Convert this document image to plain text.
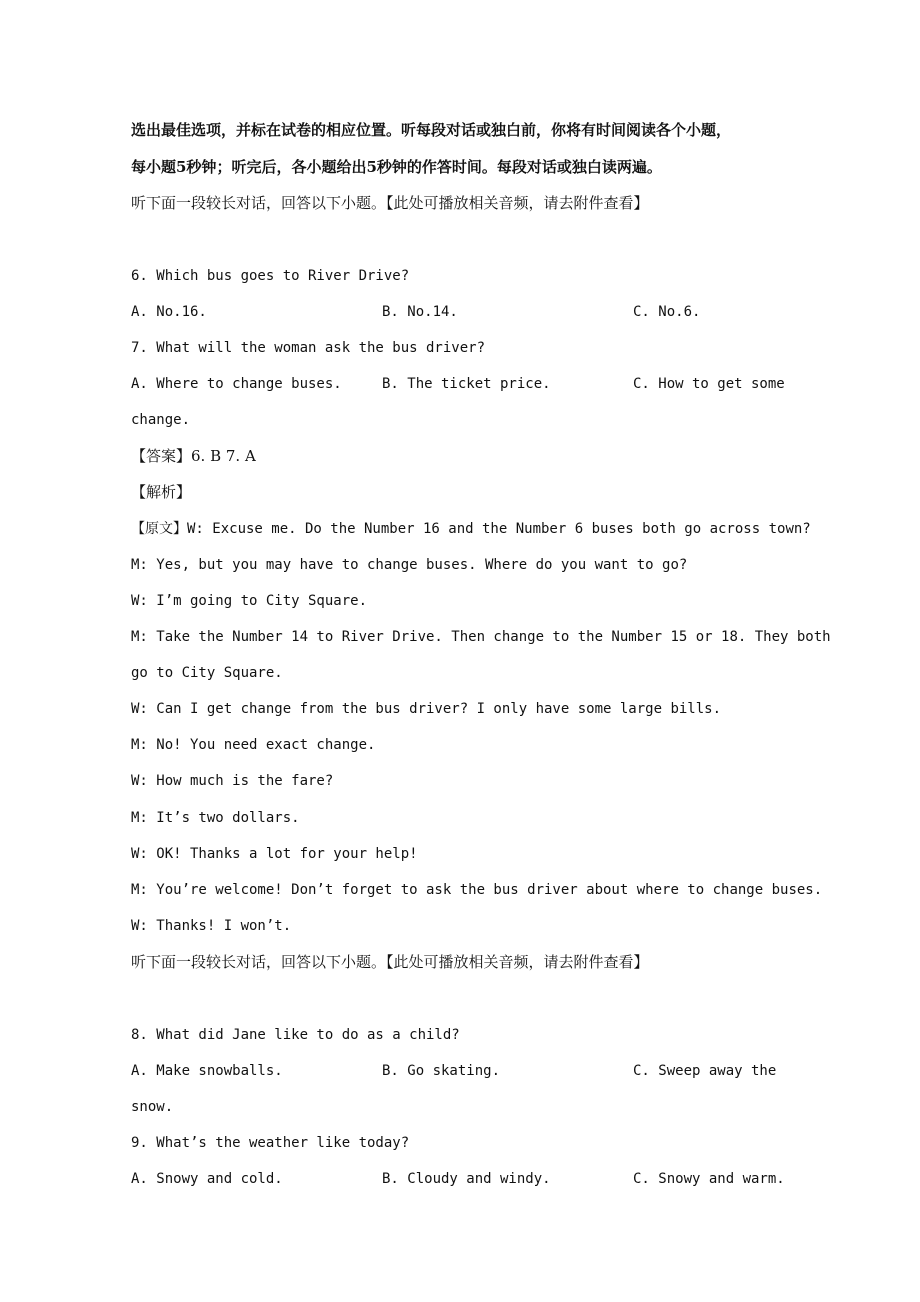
选出最佳选项，并标在试卷的相应位置。听每段对话或独白前，你将有时间阅读各个小题，
每小题5秒钟；听完后，各小题给出5秒钟的作答时间。每段对话或独白读两遍。
听下面一段较长对话，回答以下小题。【此处可播放相关音频，请去附件查看】
6. Which bus goes to River Drive?
A. No.16.	B. No.14.	C. No.6.
7. What will the woman ask the bus driver?
A. Where to change buses.	B. The ticket price.	C. How to get some
change.
【答案】6. B 7. A
【解析】
【原文】W: Excuse me. Do the Number 16 and the Number 6 buses both go across town?
M: Yes, but you may have to change buses. Where do you want to go?
W: I’m going to City Square.
M: Take the Number 14 to River Drive. Then change to the Number 15 or 18. They both
go to City Square.
W: Can I get change from the bus driver? I only have some large bills.
M: No! You need exact change.
W: How much is the fare?
M: It’s two dollars.
W: OK! Thanks a lot for your help!
M: You’re welcome! Don’t forget to ask the bus driver about where to change buses.
W: Thanks! I won’t.
听下面一段较长对话，回答以下小题。【此处可播放相关音频，请去附件查看】
8. What did Jane like to do as a child?
A. Make snowballs.	B. Go skating.	C. Sweep away the
snow.
9. What’s the weather like today?
A. Snowy and cold.	B. Cloudy and windy.	C. Snowy and warm.
